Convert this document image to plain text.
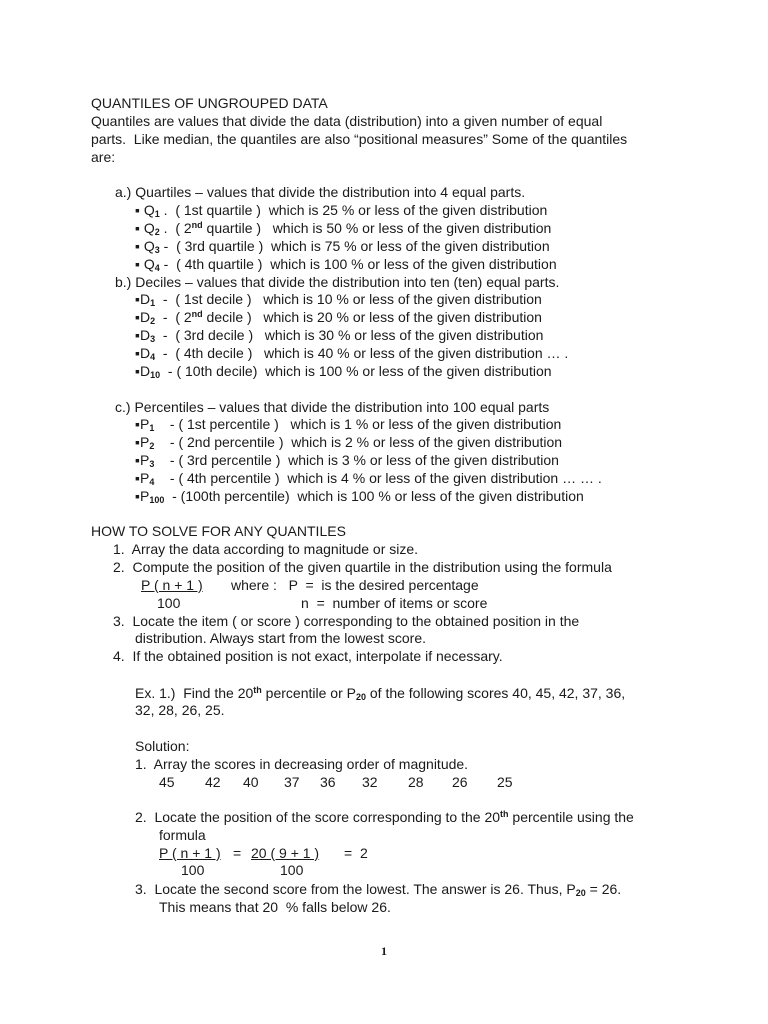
QUANTILES OF UNGROUPED DATA
Quantiles are values that divide the data (distribution) into a given number of equal
parts.  Like median, the quantiles are also “positional measures” Some of the quantiles
are:
a.) Quartiles – values that divide the distribution into 4 equal parts.
▪ $Q_1$ .  ( 1st quartile )  which is 25 % or less of the given distribution
▪ $Q_2$ .  ( 2nd quartile )   which is 50 % or less of the given distribution
▪ $Q_3$ -  ( 3rd quartile )  which is 75 % or less of the given distribution
▪ $Q_4$ -  ( 4th quartile )  which is 100 % or less of the given distribution
b.) Deciles – values that divide the distribution into ten (ten) equal parts.
$▪D_1$  -  ( 1st decile )   which is 10 % or less of the given distribution
$▪D_2$  -  ( 2nd decile )   which is 20 % or less of the given distribution
$▪D_3$  -  ( 3rd decile )   which is 30 % or less of the given distribution
$▪D_4$  -  ( 4th decile )   which is 40 % or less of the given distribution … .
$▪D_{10}$  - ( 10th decile)  which is 100 % or less of the given distribution
c.) Percentiles – values that divide the distribution into 100 equal parts
$▪P_1$    - ( 1st percentile )   which is 1 % or less of the given distribution
$▪P_2$    - ( 2nd percentile )  which is 2 % or less of the given distribution
$▪P_3$    - ( 3rd percentile )  which is 3 % or less of the given distribution
$▪P_4$    - ( 4th percentile )  which is 4 % or less of the given distribution … … .
$▪P_{100} - (100th$ percentile)  which is 100 % or less of the given distribution
HOW TO SOLVE FOR ANY QUANTILES
1.  Array the data according to magnitude or size.
2.  Compute the position of the given quartile in the distribution using the formula
P ( n + 1 ) where :   P  =  is the desired percentage
100	n  =  number of items or score
3.  Locate the item ( or score ) corresponding to the obtained position in the
distribution. Always start from the lowest score.
4.  If the obtained position is not exact, interpolate if necessary.
Ex. 1.)  Find the 20th percentile or $P_{20}$ of the following scores 40, 45, 42, 37, 36,
32, 28, 26, 25.
Solution:
1.  Array the scores in decreasing order of magnitude.
45 42 40 37 36 32 28 26 25
2.  Locate the position of the score corresponding to the 20th percentile using the
formula
P ( n + 1 ) = 20 ( 9 + 1 ) =  2
100	100
3.  Locate the second score from the lowest. The answer is 26. Thus, $P_{20} = 26$.
This means that 20  % falls below 26.
1
